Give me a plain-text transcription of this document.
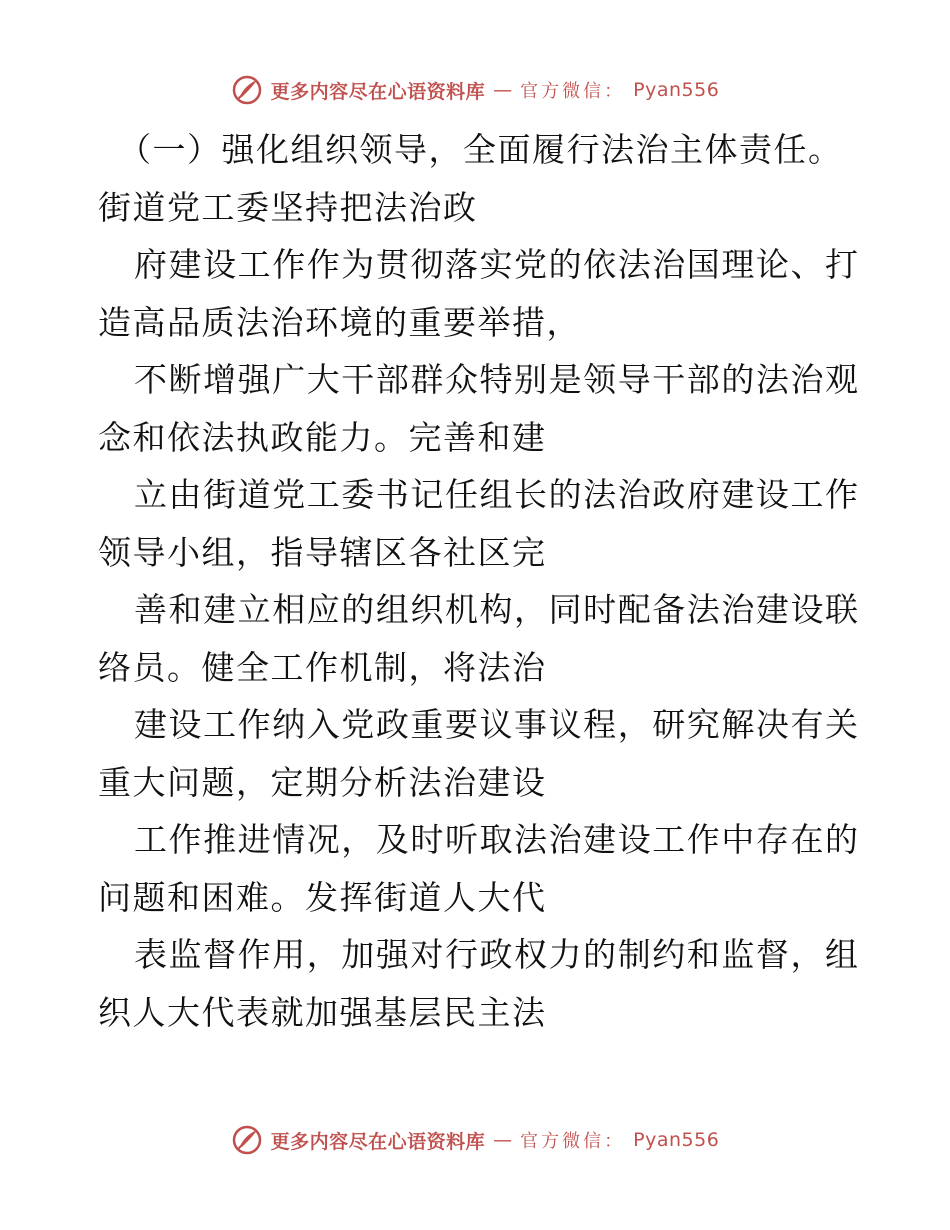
更多内容尽在心语资料库 — 官方微信： Pyan556
（一）强化组织领导，全面履行法治主体责任。
街道党工委坚持把法治政
府建设工作作为贯彻落实党的依法治国理论、打
造高品质法治环境的重要举措，
不断增强广大干部群众特别是领导干部的法治观
念和依法执政能力。完善和建
立由街道党工委书记任组长的法治政府建设工作
领导小组，指导辖区各社区完
善和建立相应的组织机构，同时配备法治建设联
络员。健全工作机制，将法治
建设工作纳入党政重要议事议程，研究解决有关
重大问题，定期分析法治建设
工作推进情况，及时听取法治建设工作中存在的
问题和困难。发挥街道人大代
表监督作用，加强对行政权力的制约和监督，组
织人大代表就加强基层民主法
更多内容尽在心语资料库 — 官方微信： Pyan556
